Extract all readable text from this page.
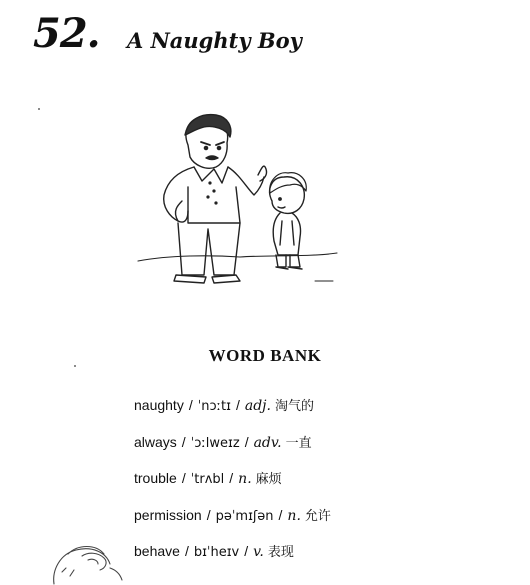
52. A Naughty Boy
WORD BANK
naughty / ˈnɔːtɪ / adj. 淘气的
always / ˈɔːlweɪz / adv. 一直
trouble / ˈtrʌbl / n. 麻烦
permission / pəˈmɪʃən / n. 允许
behave / bɪˈheɪv / v. 表现
